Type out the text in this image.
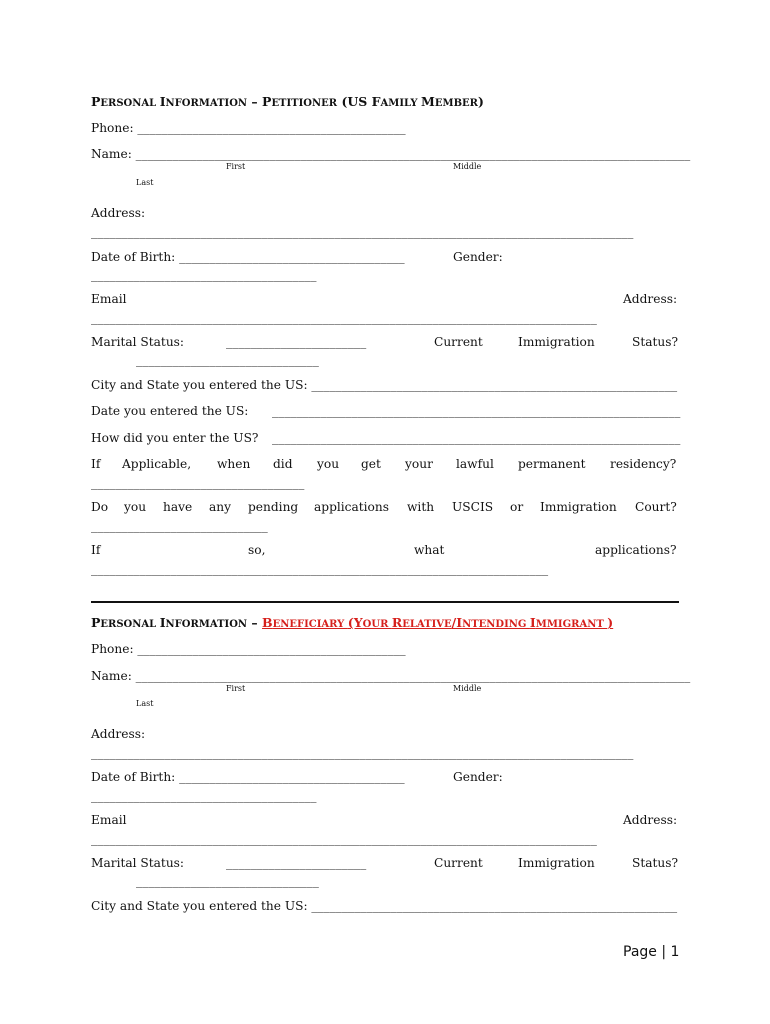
PERSONAL INFORMATION – PETITIONER (US FAMILY MEMBER)
Phone: ____________________________________________
Name: ___________________________________________________________________________________________
First	Middle
Last
Address:
_________________________________________________________________________________________
Date of Birth: _____________________________________	Gender:
_____________________________________
Email	Address:
___________________________________________________________________________________
Marital Status:	_______________________	Current	Immigration	Status?
______________________________
City and State you entered the US: ____________________________________________________________
Date you entered the US: ___________________________________________________________________
How did you enter the US? ___________________________________________________________________
If Applicable, when did you get your lawful permanent residency?
___________________________________
Do you have any pending applications with USCIS or Immigration Court?
_____________________________
If	so,	what	applications?
___________________________________________________________________________
PERSONAL INFORMATION – BENEFICIARY (YOUR RELATIVE/INTENDING IMMIGRANT )
Phone: ____________________________________________
Name: ___________________________________________________________________________________________
First	Middle
Last
Address:
_________________________________________________________________________________________
Date of Birth: _____________________________________	Gender:
_____________________________________
Email	Address:
___________________________________________________________________________________
Marital Status:	_______________________	Current	Immigration	Status?
______________________________
City and State you entered the US: ____________________________________________________________
Page | 1
